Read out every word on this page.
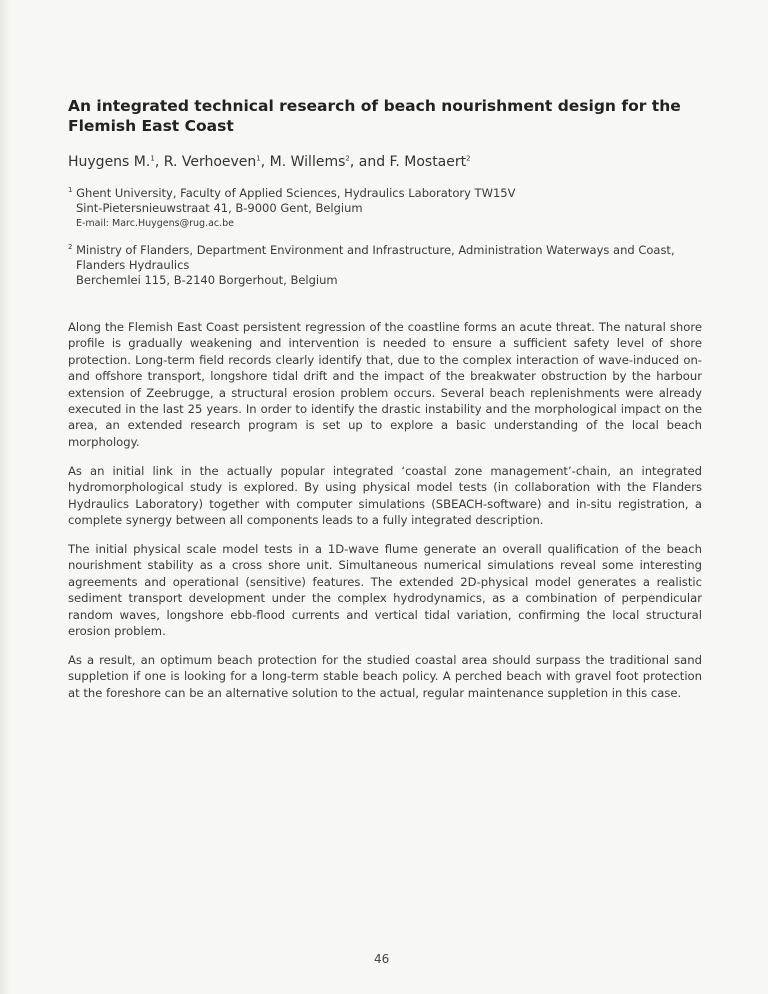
An integrated technical research of beach nourishment design for the Flemish East Coast

Huygens M.$^1$, R. Verhoeven$^1$, M. Willems$^2$, and F. Mostaert$^2$

$^1$ Ghent University, Faculty of Applied Sciences, Hydraulics Laboratory TW15V
Sint-Pietersnieuwstraat 41, B-9000 Gent, Belgium
E-mail: Marc.Huygens@rug.ac.be
$^2$ Ministry of Flanders, Department Environment and Infrastructure, Administration Waterways and Coast,
Flanders Hydraulics
Berchemlei 115, B-2140 Borgerhout, Belgium

Along the Flemish East Coast persistent regression of the coastline forms an acute threat. The natural shore profile is gradually weakening and intervention is needed to ensure a sufficient safety level of shore protection. Long-term field records clearly identify that, due to the complex interaction of wave-induced on- and offshore transport, longshore tidal drift and the impact of the breakwater obstruction by the harbour extension of Zeebrugge, a structural erosion problem occurs. Several beach replenishments were already executed in the last 25 years. In order to identify the drastic instability and the morphological impact on the area, an extended research program is set up to explore a basic understanding of the local beach morphology.

As an initial link in the actually popular integrated ‘coastal zone management’-chain, an integrated hydromorphological study is explored. By using physical model tests (in collaboration with the Flanders Hydraulics Laboratory) together with computer simulations (SBEACH-software) and in-situ registration, a complete synergy between all components leads to a fully integrated description.

The initial physical scale model tests in a 1D-wave flume generate an overall qualification of the beach nourishment stability as a cross shore unit. Simultaneous numerical simulations reveal some interesting agreements and operational (sensitive) features. The extended 2D-physical model generates a realistic sediment transport development under the complex hydrodynamics, as a combination of perpendicular random waves, longshore ebb-flood currents and vertical tidal variation, confirming the local structural erosion problem.

As a result, an optimum beach protection for the studied coastal area should surpass the traditional sand suppletion if one is looking for a long-term stable beach policy. A perched beach with gravel foot protection at the foreshore can be an alternative solution to the actual, regular maintenance suppletion in this case.

46
